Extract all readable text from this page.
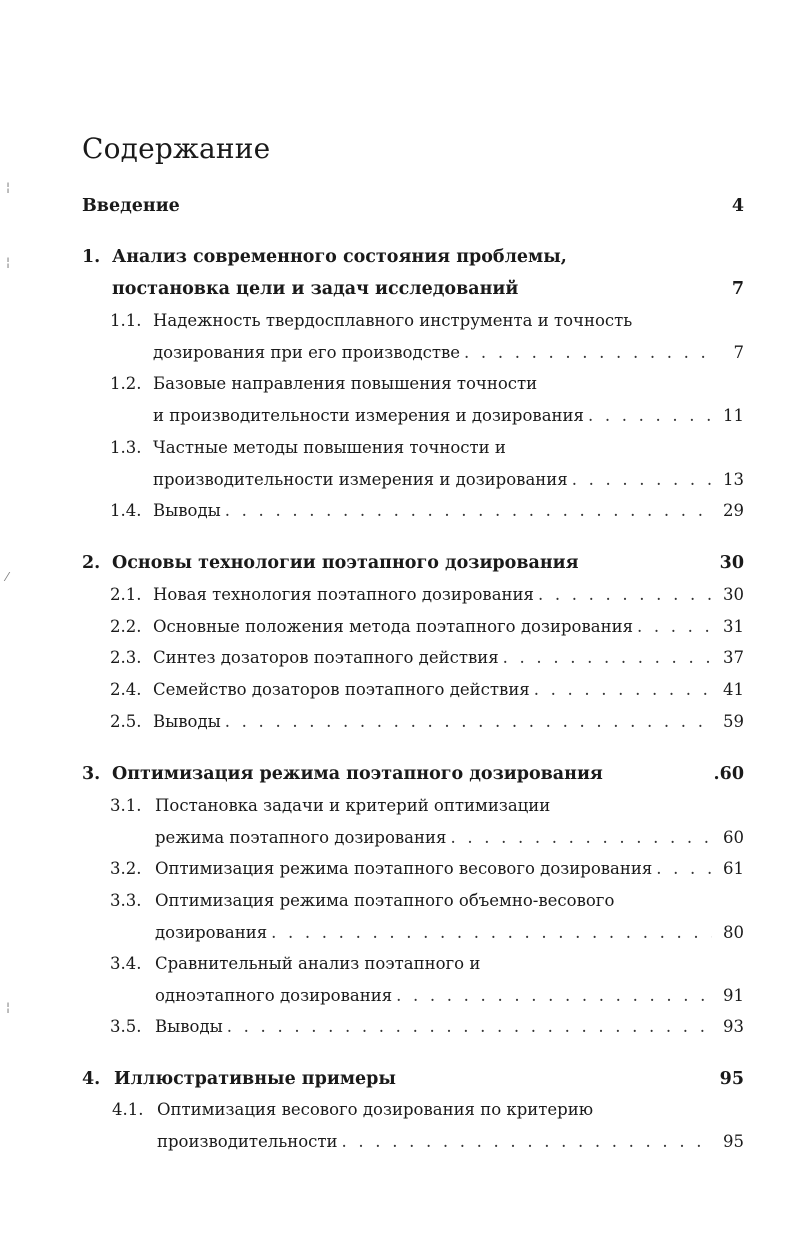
¦
¦
⁄
¦
Содержание
Введение	4
1. Анализ современного состояния проблемы,
постановка цели и задач исследований	7
1.1. Надежность твердосплавного инструмента и точность
дозирования при его производстве . . .	7
1.2. Базовые направления повышения точности
и производительности измерения и дозирования . . .	11
1.3. Частные методы повышения точности и
производительности измерения и дозирования . . .	13
1.4. Выводы . . .	29
2. Основы технологии поэтапного дозирования	30
2.1. Новая технология поэтапного дозирования . . .	30
2.2. Основные положения метода поэтапного дозирования . . .	31
2.3. Синтез дозаторов поэтапного действия . . .	37
2.4. Семейство дозаторов поэтапного действия . . .	41
2.5. Выводы . . .	59
3. Оптимизация режима поэтапного дозирования	.60
3.1. Постановка задачи и критерий оптимизации
режима поэтапного дозирования . . .	60
3.2. Оптимизация режима поэтапного весового дозирования . . .	61
3.3. Оптимизация режима поэтапного объемно-весового
дозирования . . .	80
3.4. Сравнительный анализ поэтапного и
одноэтапного дозирования . . .	91
3.5. Выводы . . .	93
4. Иллюстративные примеры	95
4.1. Оптимизация весового дозирования по критерию
производительности . . .	95
